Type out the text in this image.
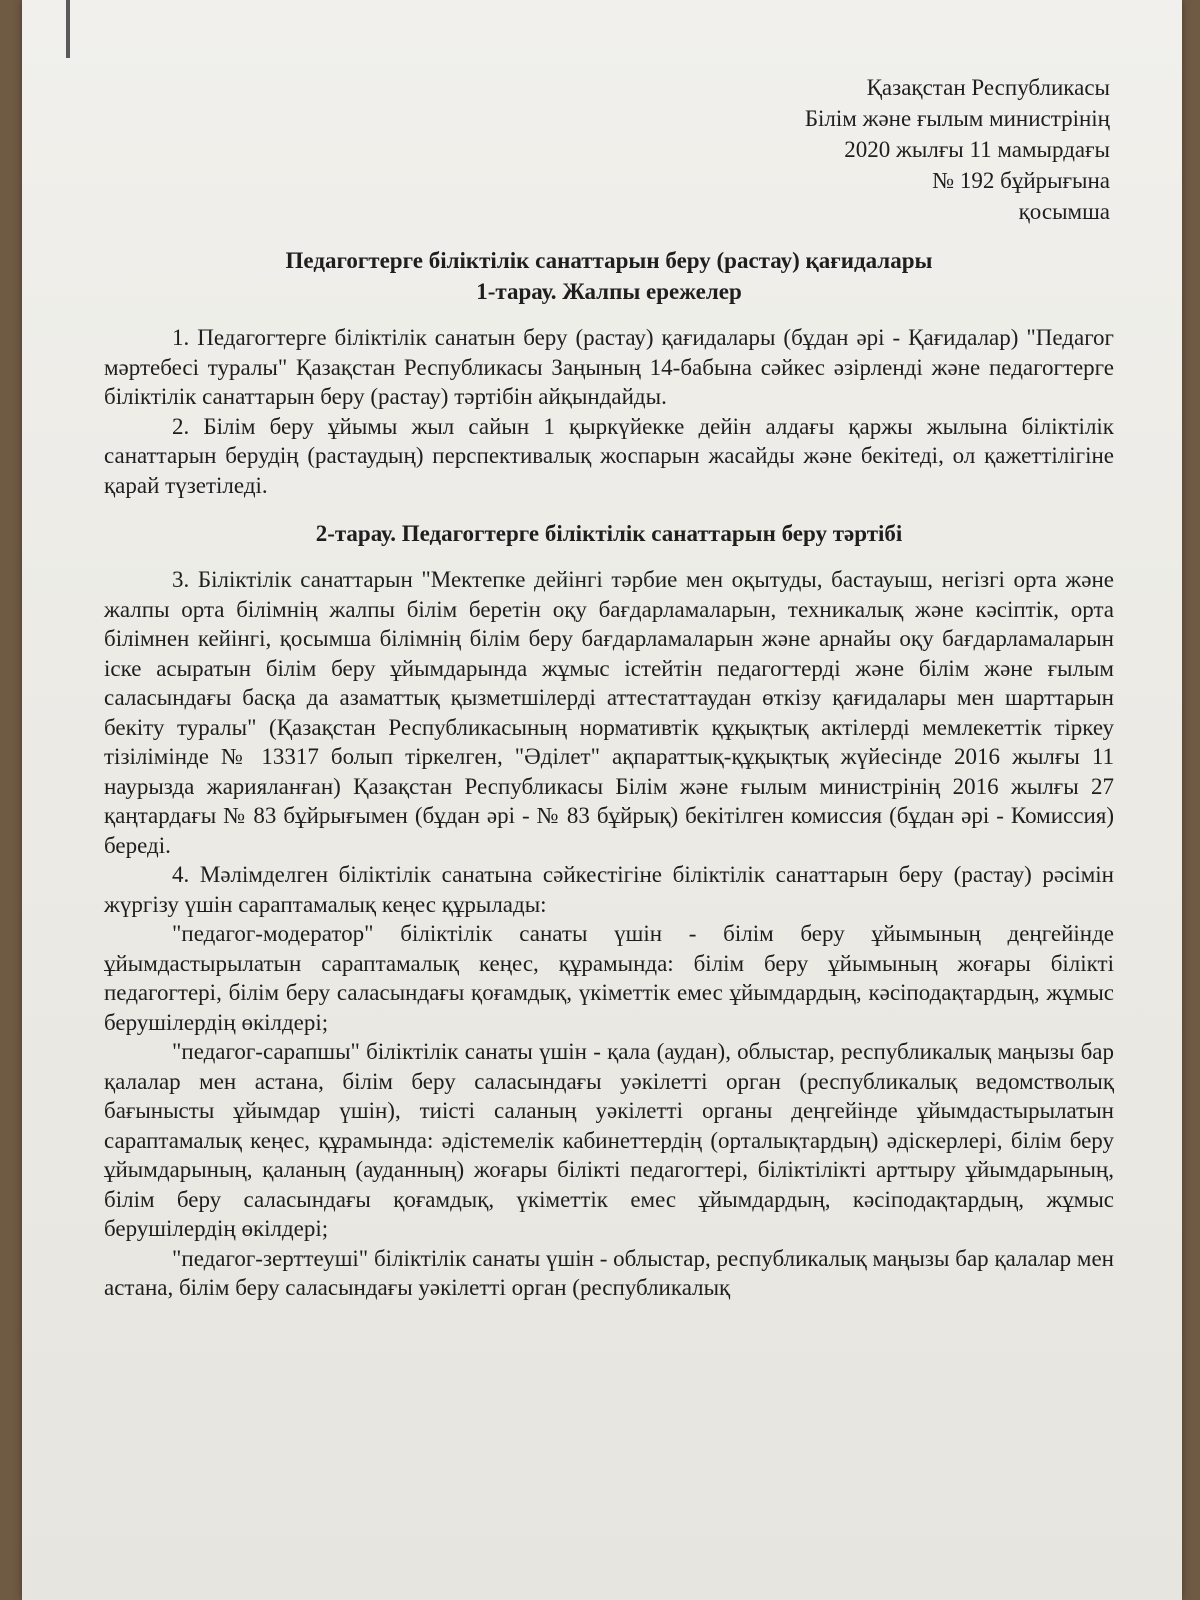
Қазақстан Республикасы
Білім және ғылым министрінің
2020 жылғы 11 мамырдағы
№ 192 бұйрығына
қосымша
Педагогтерге біліктілік санаттарын беру (растау) қағидалары
1-тарау. Жалпы ережелер

1. Педагогтерге біліктілік санатын беру (растау) қағидалары (бұдан әрі - Қағидалар) "Педагог мәртебесі туралы" Қазақстан Республикасы Заңының 14-бабына сәйкес әзірленді және педагогтерге біліктілік санаттарын беру (растау) тәртібін айқындайды.

2. Білім беру ұйымы жыл сайын 1 қыркүйекке дейін алдағы қаржы жылына біліктілік санаттарын берудің (растаудың) перспективалық жоспарын жасайды және бекітеді, ол қажеттілігіне қарай түзетіледі.

2-тарау. Педагогтерге біліктілік санаттарын беру тәртібі

3. Біліктілік санаттарын "Мектепке дейінгі тәрбие мен оқытуды, бастауыш, негізгі орта және жалпы орта білімнің жалпы білім беретін оқу бағдарламаларын, техникалық және кәсіптік, орта білімнен кейінгі, қосымша білімнің білім беру бағдарламаларын және арнайы оқу бағдарламаларын іске асыратын білім беру ұйымдарында жұмыс істейтін педагогтерді және білім және ғылым саласындағы басқа да азаматтық қызметшілерді аттестаттаудан өткізу қағидалары мен шарттарын бекіту туралы" (Қазақстан Республикасының нормативтік құқықтық актілерді мемлекеттік тіркеу тізілімінде № 13317 болып тіркелген, "Әділет" ақпараттық-құқықтық жүйесінде 2016 жылғы 11 наурызда жарияланған) Қазақстан Республикасы Білім және ғылым министрінің 2016 жылғы 27 қаңтардағы № 83 бұйрығымен (бұдан әрі - № 83 бұйрық) бекітілген комиссия (бұдан әрі - Комиссия) береді.

4. Мәлімделген біліктілік санатына сәйкестігіне біліктілік санаттарын беру (растау) рәсімін жүргізу үшін сараптамалық кеңес құрылады:

"педагог-модератор" біліктілік санаты үшін - білім беру ұйымының деңгейінде ұйымдастырылатын сараптамалық кеңес, құрамында: білім беру ұйымының жоғары білікті педагогтері, білім беру саласындағы қоғамдық, үкіметтік емес ұйымдардың, кәсіподақтардың, жұмыс берушілердің өкілдері;

"педагог-сарапшы" біліктілік санаты үшін - қала (аудан), облыстар, республикалық маңызы бар қалалар мен астана, білім беру саласындағы уәкілетті орган (республикалық ведомстволық бағынысты ұйымдар үшін), тиісті саланың уәкілетті органы деңгейінде ұйымдастырылатын сараптамалық кеңес, құрамында: әдістемелік кабинеттердің (орталықтардың) әдіскерлері, білім беру ұйымдарының, қаланың (ауданның) жоғары білікті педагогтері, біліктілікті арттыру ұйымдарының, білім беру саласындағы қоғамдық, үкіметтік емес ұйымдардың, кәсіподақтардың, жұмыс берушілердің өкілдері;

"педагог-зерттеуші" біліктілік санаты үшін - облыстар, республикалық маңызы бар қалалар мен астана, білім беру саласындағы уәкілетті орган (республикалық
